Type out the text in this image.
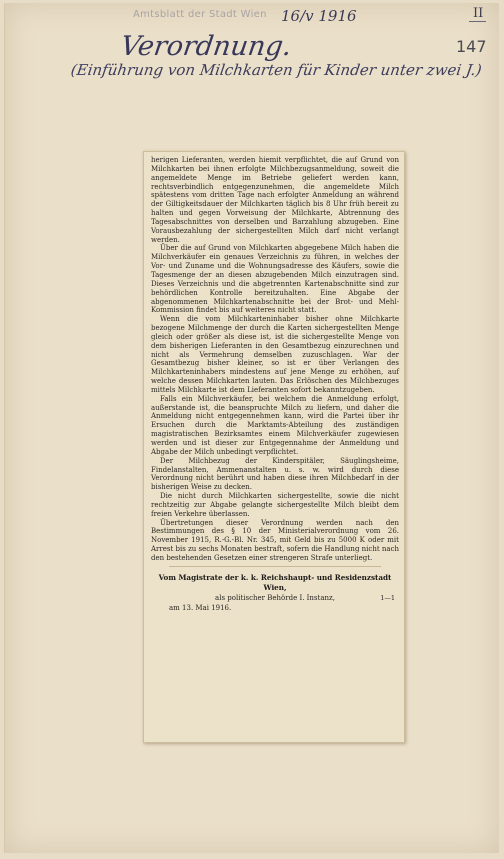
Amtsblatt der Stadt Wien 16/v 1916	II
147
Verordnung.
(Einführung von Milchkarten für Kinder unter zwei J.)

herigen Lieferanten, werden hiemit verpflichtet, die auf Grund von Milchkarten bei ihnen erfolgte Milchbezugsanmeldung, soweit die angemeldete Menge im Betriebe geliefert werden kann, rechtsverbindlich entgegenzunehmen, die angemeldete Milch spätestens vom dritten Tage nach erfolgter Anmeldung an während der Giltigkeitsdauer der Milchkarten täglich bis 8 Uhr früh bereit zu halten und gegen Vorweisung der Milchkarte, Abtrennung des Tagesabschnittes von derselben und Barzahlung abzugeben. Eine Vorausbezahlung der sichergestellten Milch darf nicht verlangt werden.

Über die auf Grund von Milchkarten abgegebene Milch haben die Milchverkäufer ein genaues Verzeichnis zu führen, in welches der Vor- und Zuname und die Wohnungsadresse des Käufers, sowie die Tagesmenge der an diesen abzugebenden Milch einzutragen sind. Dieses Verzeichnis und die abgetrennten Kartenabschnitte sind zur behördlichen Kontrolle bereitzuhalten. Eine Abgabe der abgenommenen Milchkartenabschnitte bei der Brot- und Mehl-Kommission findet bis auf weiteres nicht statt.

Wenn die vom Milchkarteninhaber bisher ohne Milchkarte bezogene Milchmenge der durch die Karten sichergestellten Menge gleich oder größer als diese ist, ist die sichergestellte Menge von dem bisherigen Lieferanten in den Gesamtbezug einzurechnen und nicht als Vermehrung demselben zuzuschlagen. War der Gesamtbezug bisher kleiner, so ist er über Verlangen des Milchkarteninhabers mindestens auf jene Menge zu erhöhen, auf welche dessen Milchkarten lauten. Das Erlöschen des Milchbezuges mittels Milchkarte ist dem Lieferanten sofort bekanntzugeben.

Falls ein Milchverkäufer, bei welchem die Anmeldung erfolgt, außerstande ist, die beanspruchte Milch zu liefern, und daher die Anmeldung nicht entgegennehmen kann, wird die Partei über ihr Ersuchen durch die Marktamts-Abteilung des zuständigen magistratischen Bezirksamtes einem Milchverkäufer zugewiesen werden und ist dieser zur Entgegennahme der Anmeldung und Abgabe der Milch unbedingt verpflichtet.

Der Milchbezug der Kinderspitäler, Säuglingsheime, Findelanstalten, Ammenanstalten u. s. w. wird durch diese Verordnung nicht berührt und haben diese ihren Milchbedarf in der bisherigen Weise zu decken.

Die nicht durch Milchkarten sichergestellte, sowie die nicht rechtzeitig zur Abgabe gelangte sichergestellte Milch bleibt dem freien Verkehre überlassen.

Übertretungen dieser Verordnung werden nach den Bestimmungen des § 10 der Ministerialverordnung vom 26. November 1915, R.-G.-Bl. Nr. 345, mit Geld bis zu 5000 K oder mit Arrest bis zu sechs Monaten bestraft, sofern die Handlung nicht nach den bestehenden Gesetzen einer strengeren Strafe unterliegt.

Vom Magistrate der k. k. Reichshaupt- und Residenzstadt Wien,

als politischer Behörde I. Instanz,	1—1

am 13. Mai 1916.
